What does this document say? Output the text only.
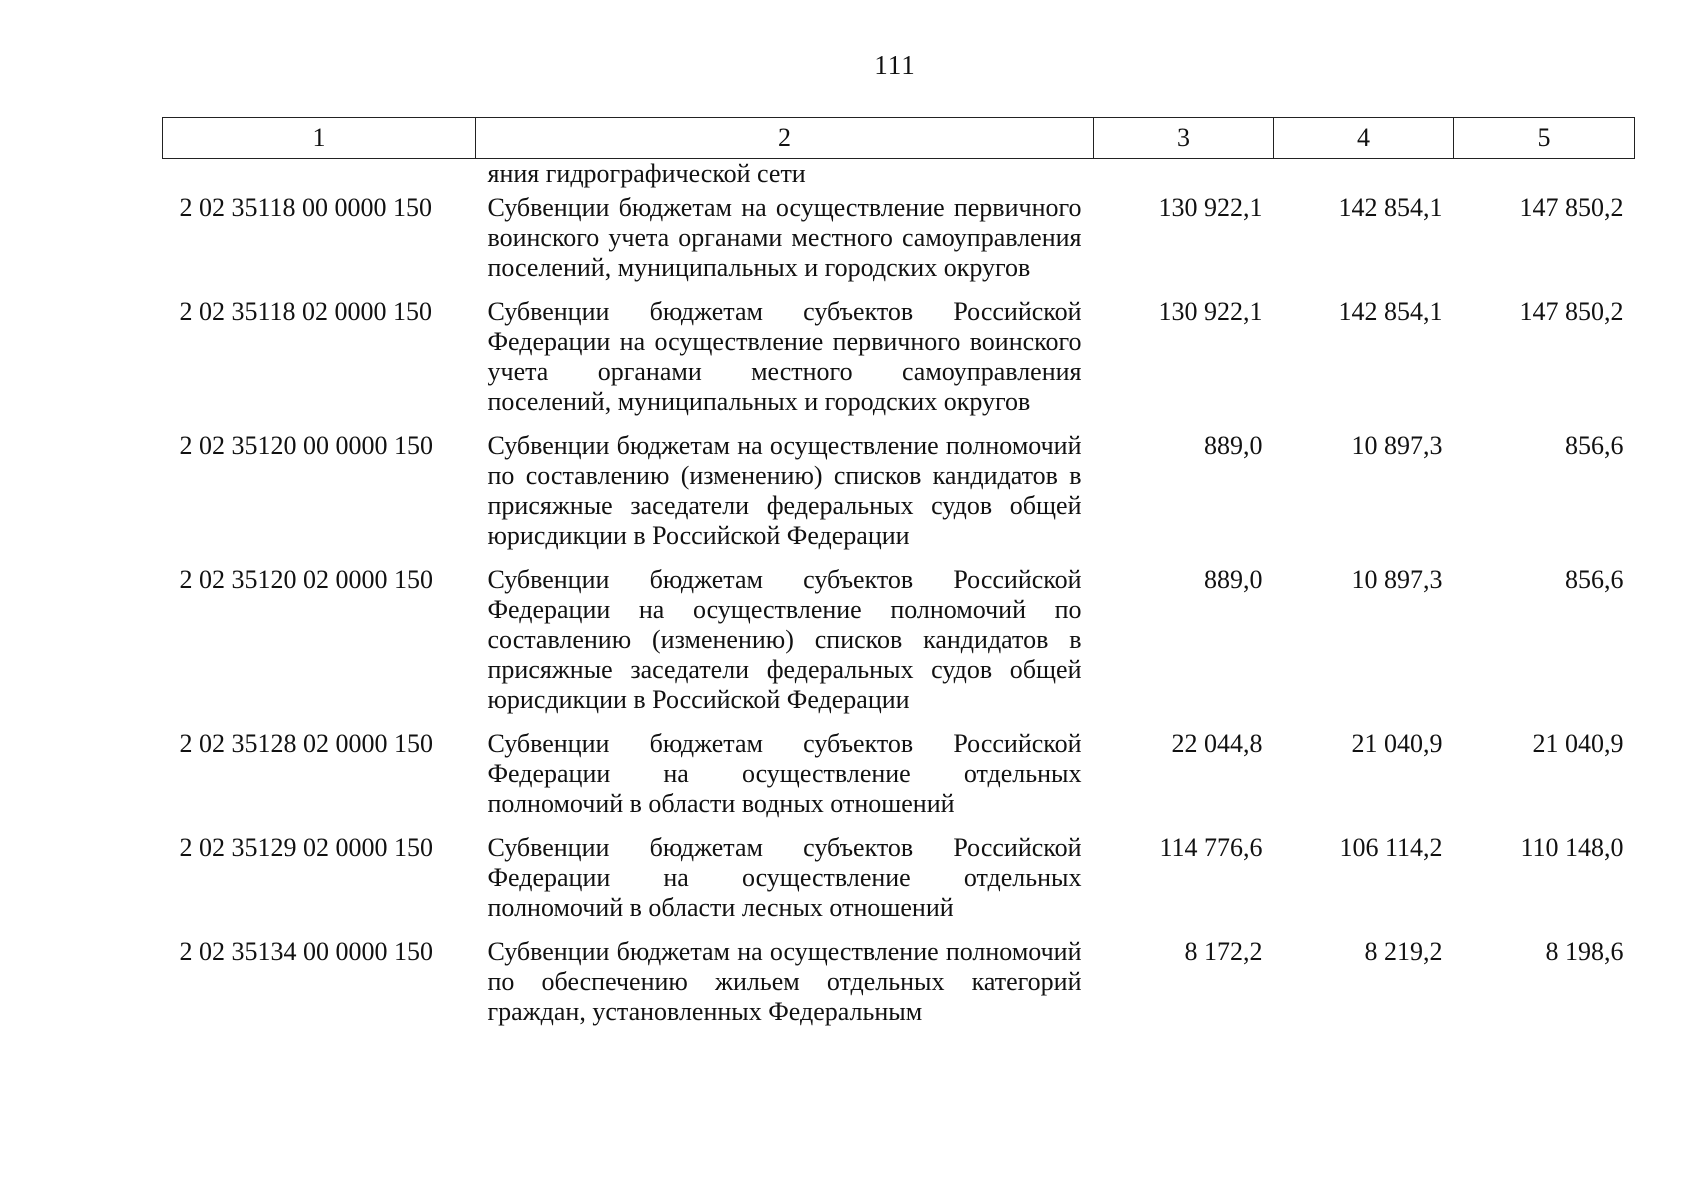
111
1	2	3	4	5
	яния гидрографической сети			
2 02 35118 00 0000 150	Субвенции бюджетам на осуществление первичного воинского учета органами местного самоуправления поселений, муниципальных и городских округов	130 922,1	142 854,1	147 850,2
2 02 35118 02 0000 150	Субвенции бюджетам субъектов Российской Федерации на осуществление первичного воинского учета органами местного самоуправления поселений, муниципальных и городских округов	130 922,1	142 854,1	147 850,2
2 02 35120 00 0000 150	Субвенции бюджетам на осуществление полномочий по составлению (изменению) списков кандидатов в присяжные заседатели федеральных судов общей юрисдикции в Российской Федерации	889,0	10 897,3	856,6
2 02 35120 02 0000 150	Субвенции бюджетам субъектов Российской Федерации на осуществление полномочий по составлению (изменению) списков кандидатов в присяжные заседатели федеральных судов общей юрисдикции в Российской Федерации	889,0	10 897,3	856,6
2 02 35128 02 0000 150	Субвенции бюджетам субъектов Российской Федерации на осуществление отдельных полномочий в области водных отношений	22 044,8	21 040,9	21 040,9
2 02 35129 02 0000 150	Субвенции бюджетам субъектов Российской Федерации на осуществление отдельных полномочий в области лесных отношений	114 776,6	106 114,2	110 148,0
2 02 35134 00 0000 150	Субвенции бюджетам на осуществление полномочий по обеспечению жильем отдельных категорий граждан, установленных Федеральным	8 172,2	8 219,2	8 198,6
